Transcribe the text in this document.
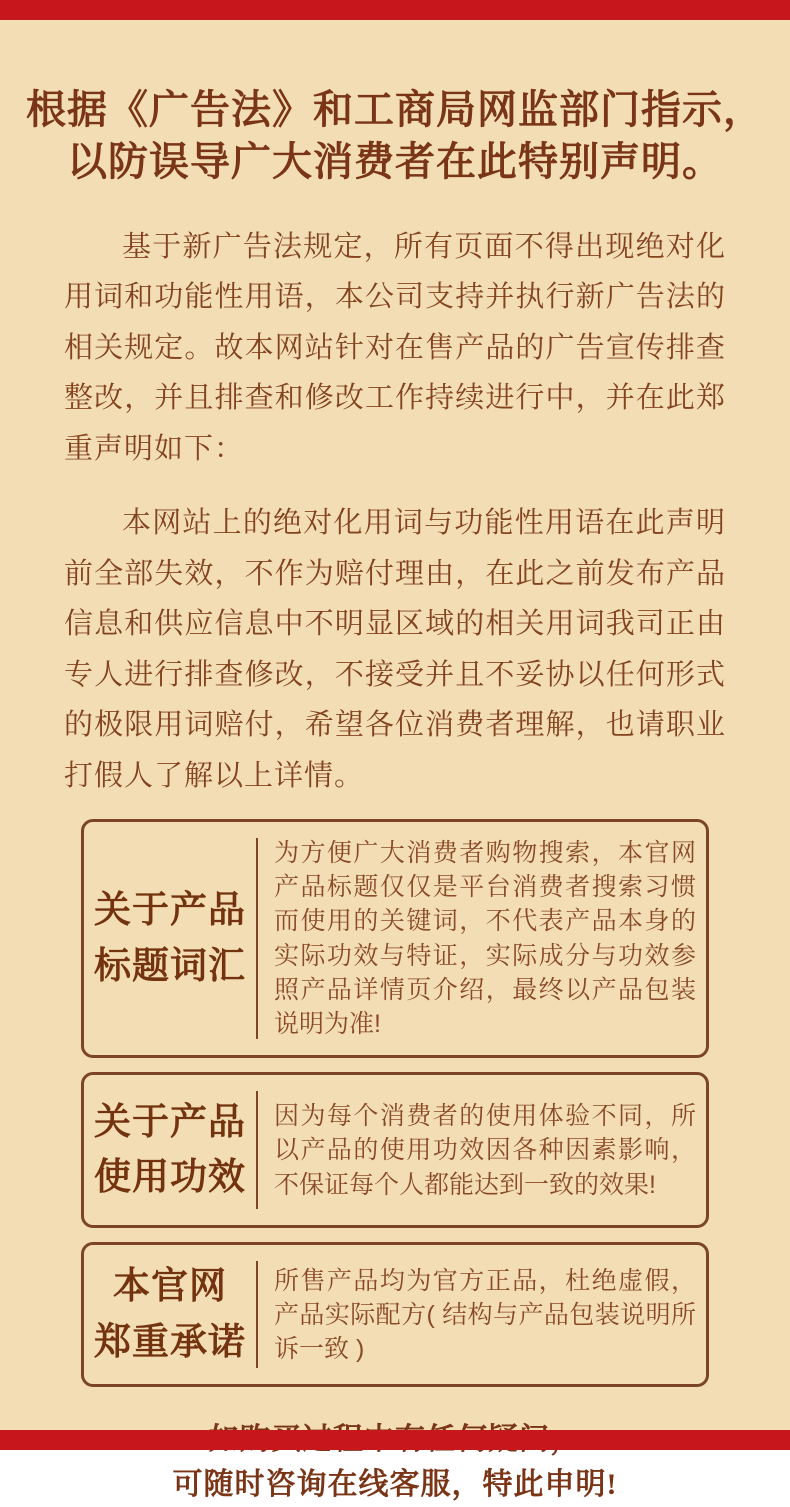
根据《广告法》和工商局网监部门指示，
以防误导广大消费者在此特别声明。
基于新广告法规定，所有页面不得出现绝对化用词和功能性用语，本公司支持并执行新广告法的相关规定。故本网站针对在售产品的广告宣传排查整改，并且排查和修改工作持续进行中，并在此郑重声明如下：
本网站上的绝对化用词与功能性用语在此声明前全部失效，不作为赔付理由，在此之前发布产品信息和供应信息中不明显区域的相关用词我司正由专人进行排查修改，不接受并且不妥协以任何形式的极限用词赔付，希望各位消费者理解，也请职业打假人了解以上详情。
关于产品
标题词汇
为方便广大消费者购物搜索，本官网产品标题仅仅是平台消费者搜索习惯而使用的关键词，不代表产品本身的实际功效与特证，实际成分与功效参照产品详情页介绍，最终以产品包装说明为准!
关于产品
使用功效
因为每个消费者的使用体验不同，所以产品的使用功效因各种因素影响，不保证每个人都能达到一致的效果!
本官网
郑重承诺
所售产品均为官方正品，杜绝虚假，产品实际配方( 结构与产品包装说明所诉一致 )
可随时咨询在线客服，特此申明!
